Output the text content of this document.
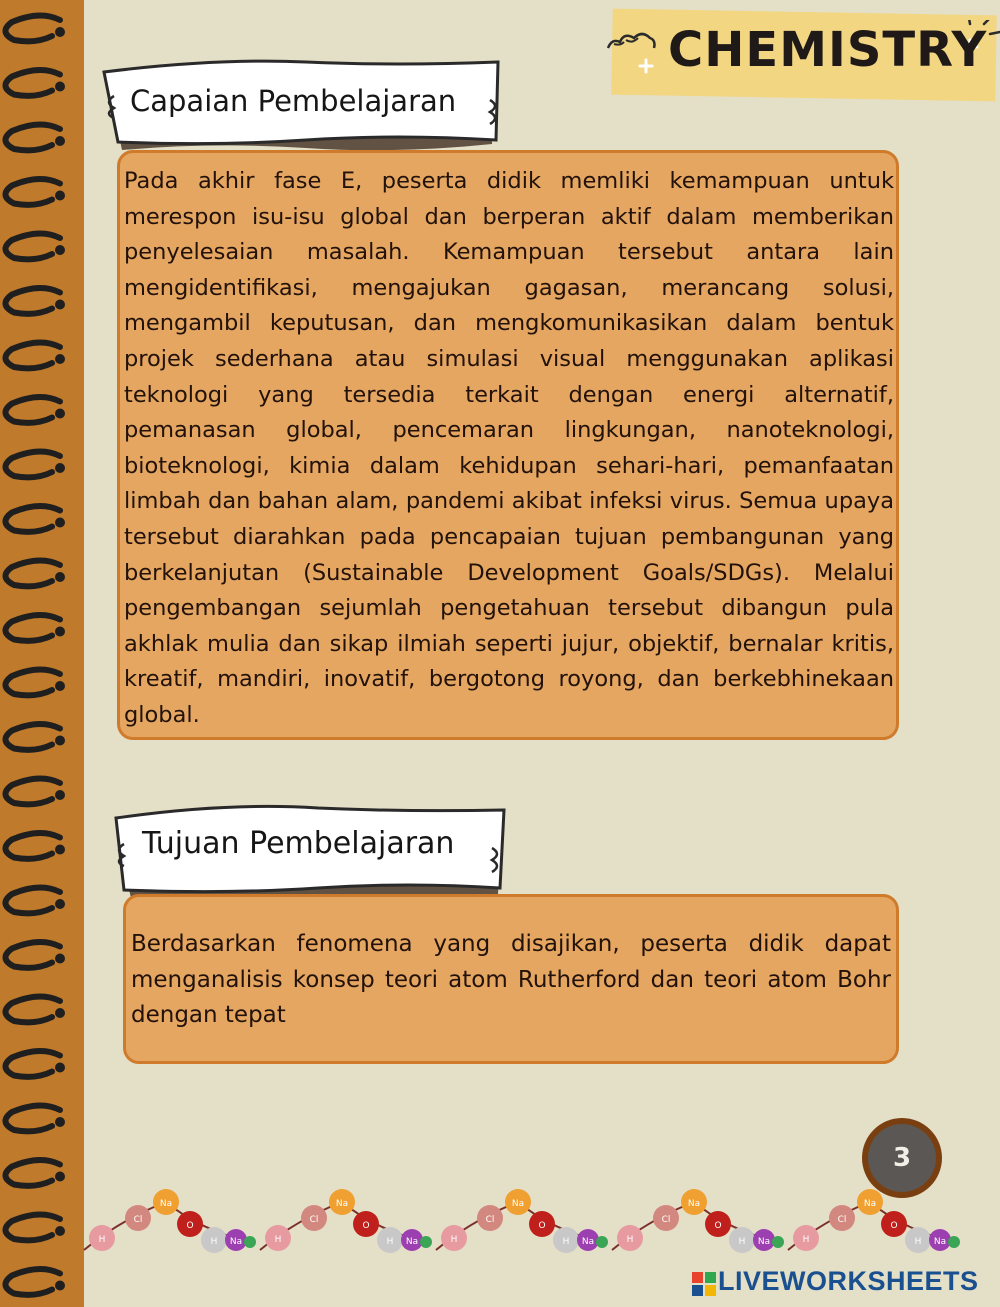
CHEMISTRY
Capaian Pembelajaran
Pada akhir fase E, peserta didik memliki kemampuan untuk merespon isu-isu global dan berperan aktif dalam memberikan penyelesaian masalah. Kemampuan tersebut antara lain mengidentifikasi, mengajukan gagasan, merancang solusi, mengambil keputusan, dan mengkomunikasikan dalam bentuk projek sederhana atau simulasi visual menggunakan aplikasi teknologi yang tersedia terkait dengan energi alternatif, pemanasan global, pencemaran lingkungan, nanoteknologi, bioteknologi, kimia dalam kehidupan sehari-hari, pemanfaatan limbah dan bahan alam, pandemi akibat infeksi virus. Semua upaya tersebut diarahkan pada pencapaian tujuan pembangunan yang berkelanjutan (Sustainable Development Goals/SDGs). Melalui pengembangan sejumlah pengetahuan tersebut dibangun pula akhlak mulia dan sikap ilmiah seperti jujur, objektif, bernalar kritis, kreatif, mandiri, inovatif, bergotong royong, dan berkebhinekaan global.
Tujuan Pembelajaran
Berdasarkan fenomena yang disajikan, peserta didik dapat menganalisis konsep teori atom Rutherford dan teori atom Bohr dengan tepat
3
H
Cl
Na
O
H Na	H
Cl
Na
O
H Na	H
Cl
Na
O
H Na	H
Cl
Na
O
H Na	H
Cl
Na
O
H Na
LIVEWORKSHEETS
